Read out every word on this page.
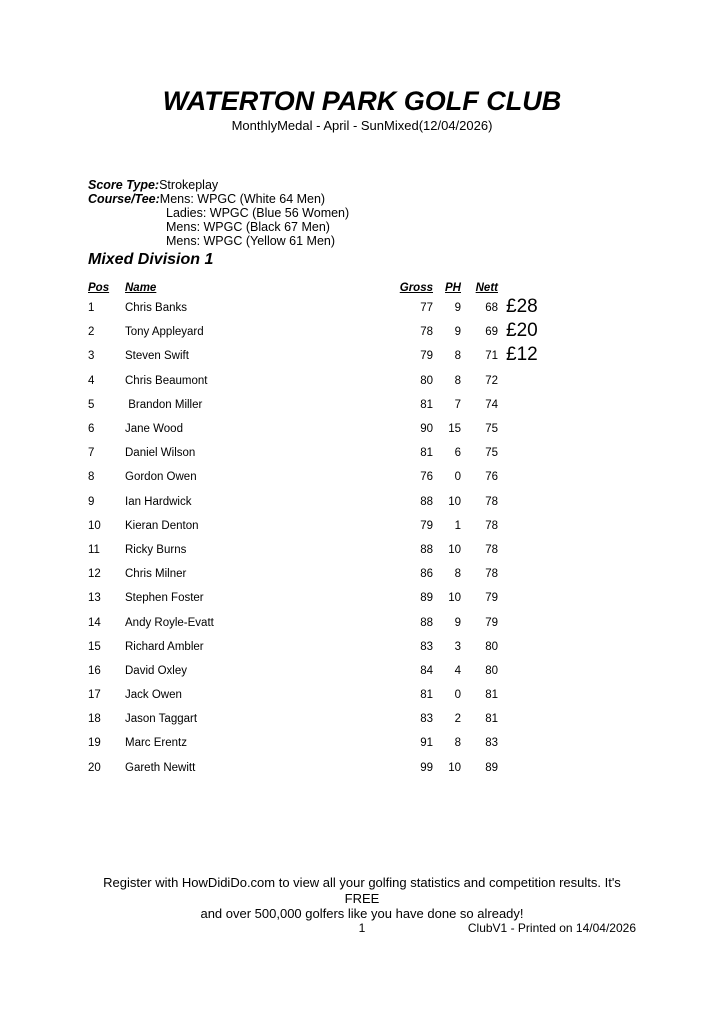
WATERTON PARK GOLF CLUB
MonthlyMedal - April - SunMixed(12/04/2026)
Score Type: Strokeplay
Course/Tee: Mens: WPGC (White 64 Men)
Ladies: WPGC (Blue 56 Women)
Mens: WPGC (Black 67 Men)
Mens: WPGC (Yellow 61 Men)
Mixed Division 1
Pos	Name	Gross	PH	Nett
1	Chris Banks	77	9	68 £28
2	Tony Appleyard	78	9	69 £20
3	Steven Swift	79	8	71 £12
4	Chris Beaumont	80	8	72
5	Brandon Miller	81	7	74
6	Jane Wood	90	15	75
7	Daniel Wilson	81	6	75
8	Gordon Owen	76	0	76
9	Ian Hardwick	88	10	78
10	Kieran Denton	79	1	78
11	Ricky Burns	88	10	78
12	Chris Milner	86	8	78
13	Stephen Foster	89	10	79
14	Andy Royle-Evatt	88	9	79
15	Richard Ambler	83	3	80
16	David Oxley	84	4	80
17	Jack Owen	81	0	81
18	Jason Taggart	83	2	81
19	Marc Erentz	91	8	83
20	Gareth Newitt	99	10	89
Register with HowDidiDo.com to view all your golfing statistics and competition results. It's FREE
and over 500,000 golfers like you have done so already!
1	ClubV1 - Printed on 14/04/2026
